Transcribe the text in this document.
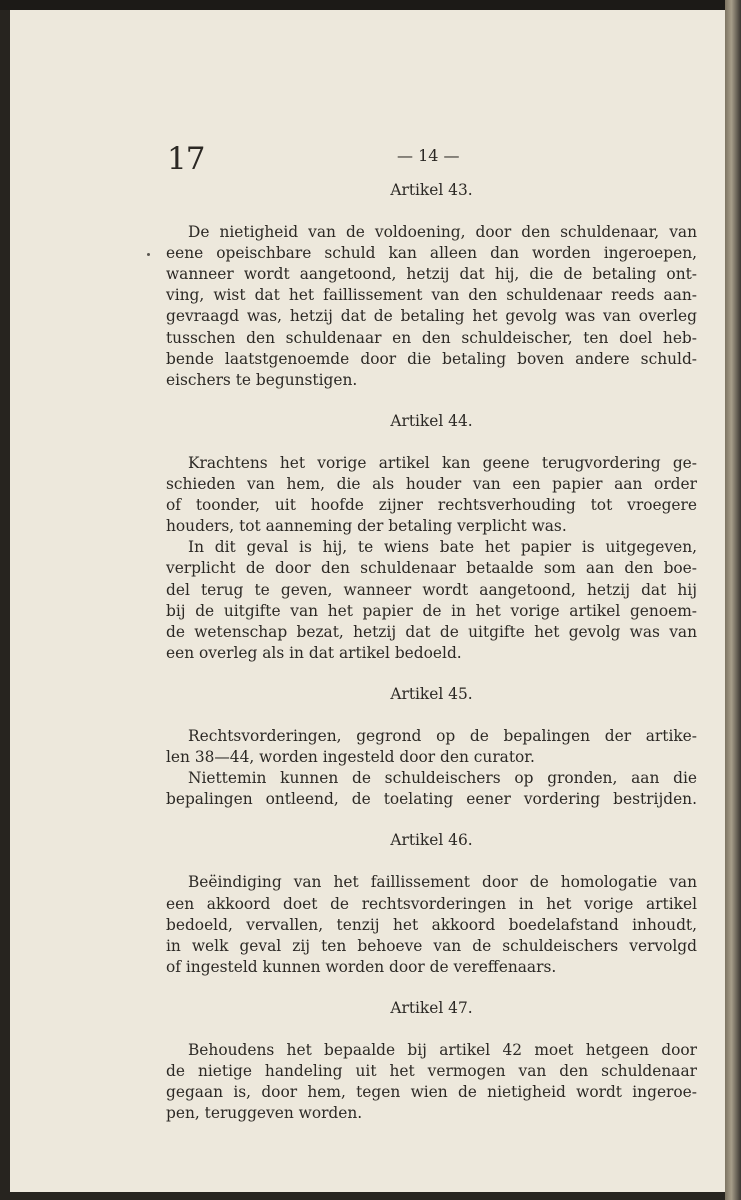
17	— 14 —
Artikel 43.
De nietigheid van de voldoening, door den schuldenaar, van
eene opeischbare schuld kan alleen dan worden ingeroepen,
wanneer wordt aangetoond, hetzij dat hij, die de betaling ont-
ving, wist dat het faillissement van den schuldenaar reeds aan-
gevraagd was, hetzij dat de betaling het gevolg was van overleg
tusschen den schuldenaar en den schuldeischer, ten doel heb-
bende laatstgenoemde door die betaling boven andere schuld-
eischers te begunstigen.
Artikel 44.
Krachtens het vorige artikel kan geene terugvordering ge-
schieden van hem, die als houder van een papier aan order
of toonder, uit hoofde zijner rechtsverhouding tot vroegere
houders, tot aanneming der betaling verplicht was.
In dit geval is hij, te wiens bate het papier is uitgegeven,
verplicht de door den schuldenaar betaalde som aan den boe-
del terug te geven, wanneer wordt aangetoond, hetzij dat hij
bij de uitgifte van het papier de in het vorige artikel genoem-
de wetenschap bezat, hetzij dat de uitgifte het gevolg was van
een overleg als in dat artikel bedoeld.
Artikel 45.
Rechtsvorderingen, gegrond op de bepalingen der artike-
len 38—44, worden ingesteld door den curator.
Niettemin kunnen de schuldeischers op gronden, aan die
bepalingen ontleend, de toelating eener vordering bestrijden.
Artikel 46.
Beëindiging van het faillissement door de homologatie van
een akkoord doet de rechtsvorderingen in het vorige artikel
bedoeld, vervallen, tenzij het akkoord boedelafstand inhoudt,
in welk geval zij ten behoeve van de schuldeischers vervolgd
of ingesteld kunnen worden door de vereffenaars.
Artikel 47.
Behoudens het bepaalde bij artikel 42 moet hetgeen door
de nietige handeling uit het vermogen van den schuldenaar
gegaan is, door hem, tegen wien de nietigheid wordt ingeroe-
pen, teruggeven worden.
